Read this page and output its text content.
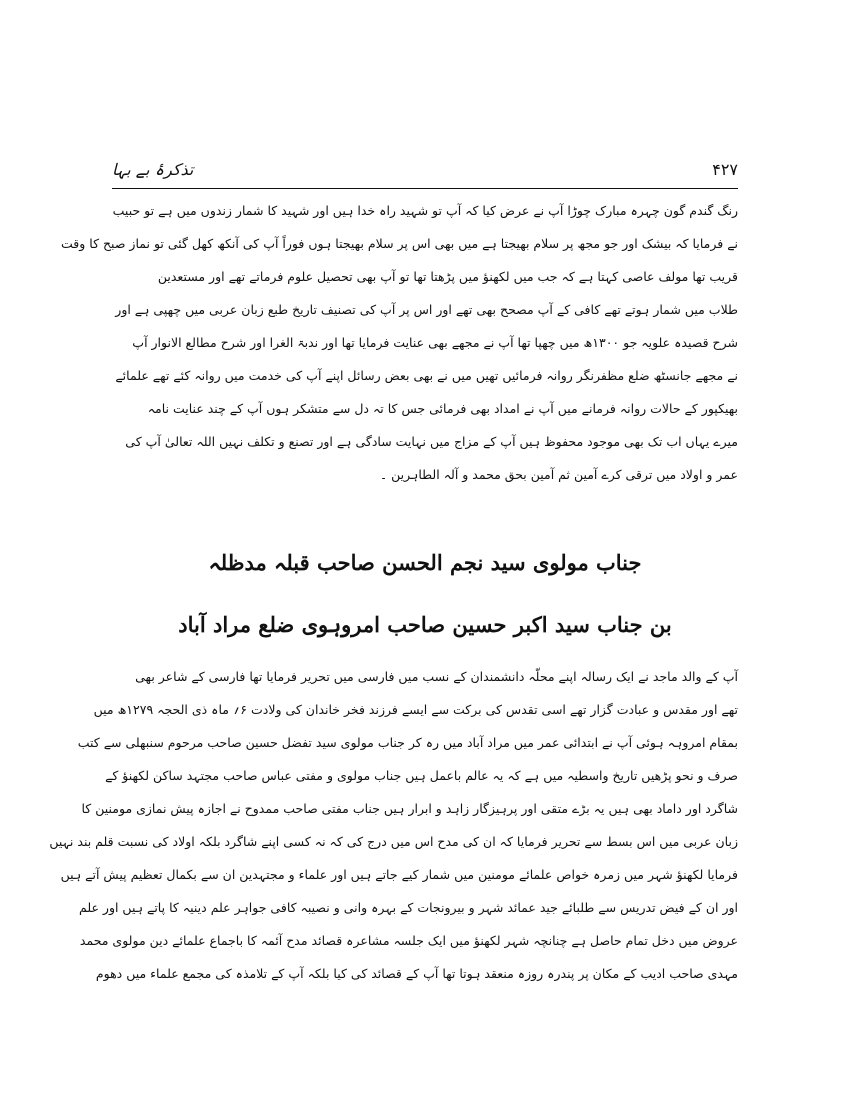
تذکرۂ بے بہا	۴۲۷
رنگ گندم گون چہرہ مبارک چوڑا آپ نے عرض کیا کہ آپ تو شہید راہ خدا ہیں اور شہید کا شمار زندوں میں ہے تو حبیب
نے فرمایا کہ بیشک اور جو مجھ پر سلام بھیجتا ہے میں بھی اس پر سلام بھیجتا ہوں فوراً آپ کی آنکھ کھل گئی تو نماز صبح کا وقت
قریب تھا مولف عاصی کہتا ہے کہ جب میں لکھنؤ میں پڑھتا تھا تو آپ بھی تحصیل علوم فرماتے تھے اور مستعدین
طلاب میں شمار ہوتے تھے کافی کے آپ مصحح بھی تھے اور اس پر آپ کی تصنیف تاریخ طبع زبان عربی میں چھپی ہے اور
شرح قصیدہ علویہ جو ۱۳۰۰ھ میں چھپا تھا آپ نے مجھے بھی عنایت فرمایا تھا اور ندبۃ الغرا اور شرح مطالع الانوار آپ
نے مجھے جانسٹھ ضلع مظفرنگر روانہ فرمائیں تھیں میں نے بھی بعض رسائل اپنے آپ کی خدمت میں روانہ کئے تھے علمائے
بھیکپور کے حالات روانہ فرمانے میں آپ نے امداد بھی فرمائی جس کا تہ دل سے متشکر ہوں آپ کے چند عنایت نامہ
میرے یہاں اب تک بھی موجود محفوظ ہیں آپ کے مزاج میں نہایت سادگی ہے اور تصنع و تکلف نہیں اللہ تعالیٰ آپ کی
عمر و اولاد میں ترقی کرے آمین ثم آمین بحق محمد و آلہ الطاہرین ۔
جناب مولوی سید نجم الحسن صاحب قبلہ مدظلہ
بن جناب سید اکبر حسین صاحب امروہوی ضلع مراد آباد
آپ کے والد ماجد نے ایک رسالہ اپنے محلّہ دانشمندان کے نسب میں فارسی میں تحریر فرمایا تھا فارسی کے شاعر بھی
تھے اور مقدس و عبادت گزار تھے اسی تقدس کی برکت سے ایسے فرزند فخر خاندان کی ولادت ۶؍ ماہ ذی الحجہ ۱۲۷۹ھ میں
بمقام امروہہ ہوئی آپ نے ابتدائی عمر میں مراد آباد میں رہ کر جناب مولوی سید تفضل حسین صاحب مرحوم سنبھلی سے کتب
صرف و نحو پڑھیں تاریخ واسطیہ میں ہے کہ یہ عالم باعمل ہیں جناب مولوی و مفتی عباس صاحب مجتہد ساکن لکھنؤ کے
شاگرد اور داماد بھی ہیں یہ بڑے متقی اور پرہیزگار زاہد و ابرار ہیں جناب مفتی صاحب ممدوح نے اجازہ پیش نمازی مومنین کا
زبان عربی میں اس بسط سے تحریر فرمایا کہ ان کی مدح اس میں درج کی کہ نہ کسی اپنے شاگرد بلکہ اولاد کی نسبت قلم بند نہیں
فرمایا لکھنؤ شہر میں زمرہ خواص علمائے مومنین میں شمار کیے جاتے ہیں اور علماء و مجتہدین ان سے بکمال تعظیم پیش آتے ہیں
اور ان کے فیض تدریس سے طلبائے جید عمائد شہر و بیرونجات کے بہرہ وانی و نصیبہ کافی جواہر علم دینیہ کا پاتے ہیں اور علم
عروض میں دخل تمام حاصل ہے چنانچہ شہر لکھنؤ میں ایک جلسہ مشاعرہ قصائد مدح آئمہ کا باجماع علمائے دین مولوی محمد
مہدی صاحب ادیب کے مکان پر پندرہ روزہ منعقد ہوتا تھا آپ کے قصائد کی کیا بلکہ آپ کے تلامذہ کی مجمع علماء میں دھوم
